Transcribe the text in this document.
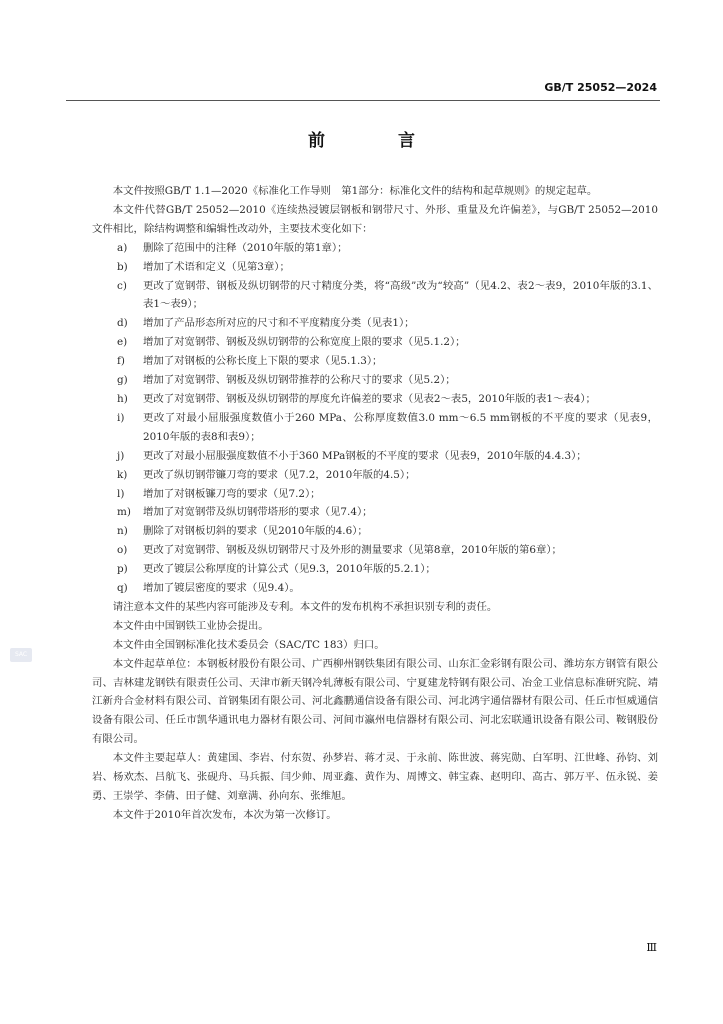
GB/T 25052—2024
前　言

本文件按照GB/T 1.1—2020《标准化工作导则　第1部分：标准化文件的结构和起草规则》的规定起草。

本文件代替GB/T 25052—2010《连续热浸镀层钢板和钢带尺寸、外形、重量及允许偏差》，与GB/T 25052—2010文件相比，除结构调整和编辑性改动外，主要技术变化如下：

a)	删除了范围中的注释（2010年版的第1章）；
b)	增加了术语和定义（见第3章）；
c)	更改了宽钢带、钢板及纵切钢带的尺寸精度分类，将“高级”改为“较高”（见4.2、表2～表9，2010年版的3.1、表1～表9）；
d)	增加了产品形态所对应的尺寸和不平度精度分类（见表1）；
e)	增加了对宽钢带、钢板及纵切钢带的公称宽度上限的要求（见5.1.2）；
f)	增加了对钢板的公称长度上下限的要求（见5.1.3）；
g)	增加了对宽钢带、钢板及纵切钢带推荐的公称尺寸的要求（见5.2）；
h)	更改了对宽钢带、钢板及纵切钢带的厚度允许偏差的要求（见表2～表5，2010年版的表1～表4）；
i)	更改了对最小屈服强度数值小于260 MPa、公称厚度数值3.0 mm～6.5 mm钢板的不平度的要求（见表9，2010年版的表8和表9）；
j)	更改了对最小屈服强度数值不小于360 MPa钢板的不平度的要求（见表9，2010年版的4.4.3）；
k)	更改了纵切钢带镰刀弯的要求（见7.2，2010年版的4.5）；
l)	增加了对钢板镰刀弯的要求（见7.2）；
m)	增加了对宽钢带及纵切钢带塔形的要求（见7.4）；
n)	删除了对钢板切斜的要求（见2010年版的4.6）；
o)	更改了对宽钢带、钢板及纵切钢带尺寸及外形的测量要求（见第8章，2010年版的第6章）；
p)	更改了镀层公称厚度的计算公式（见9.3，2010年版的5.2.1）；
q)	增加了镀层密度的要求（见9.4）。

请注意本文件的某些内容可能涉及专利。本文件的发布机构不承担识别专利的责任。

本文件由中国钢铁工业协会提出。

本文件由全国钢标准化技术委员会（SAC/TC 183）归口。

本文件起草单位：本钢板材股份有限公司、广西柳州钢铁集团有限公司、山东汇金彩钢有限公司、潍坊东方钢管有限公司、吉林建龙钢铁有限责任公司、天津市新天钢冷轧薄板有限公司、宁夏建龙特钢有限公司、冶金工业信息标准研究院、靖江新舟合金材料有限公司、首钢集团有限公司、河北鑫鹏通信设备有限公司、河北鸿宇通信器材有限公司、任丘市恒威通信设备有限公司、任丘市凯华通讯电力器材有限公司、河间市瀛州电信器材有限公司、河北宏联通讯设备有限公司、鞍钢股份有限公司。

本文件主要起草人：黄建国、李岩、付东贺、孙梦岩、蒋才灵、于永前、陈世波、蒋宪勋、白军明、江世峰、孙钧、刘岩、杨欢杰、吕航飞、张砚舟、马兵振、闫少帅、周亚鑫、黄作为、周博文、韩宝森、赵明印、高古、郭万平、伍永锐、姜勇、王崇学、李倩、田子健、刘章满、孙向东、张维旭。

本文件于2010年首次发布，本次为第一次修订。

SAC
Ⅲ
